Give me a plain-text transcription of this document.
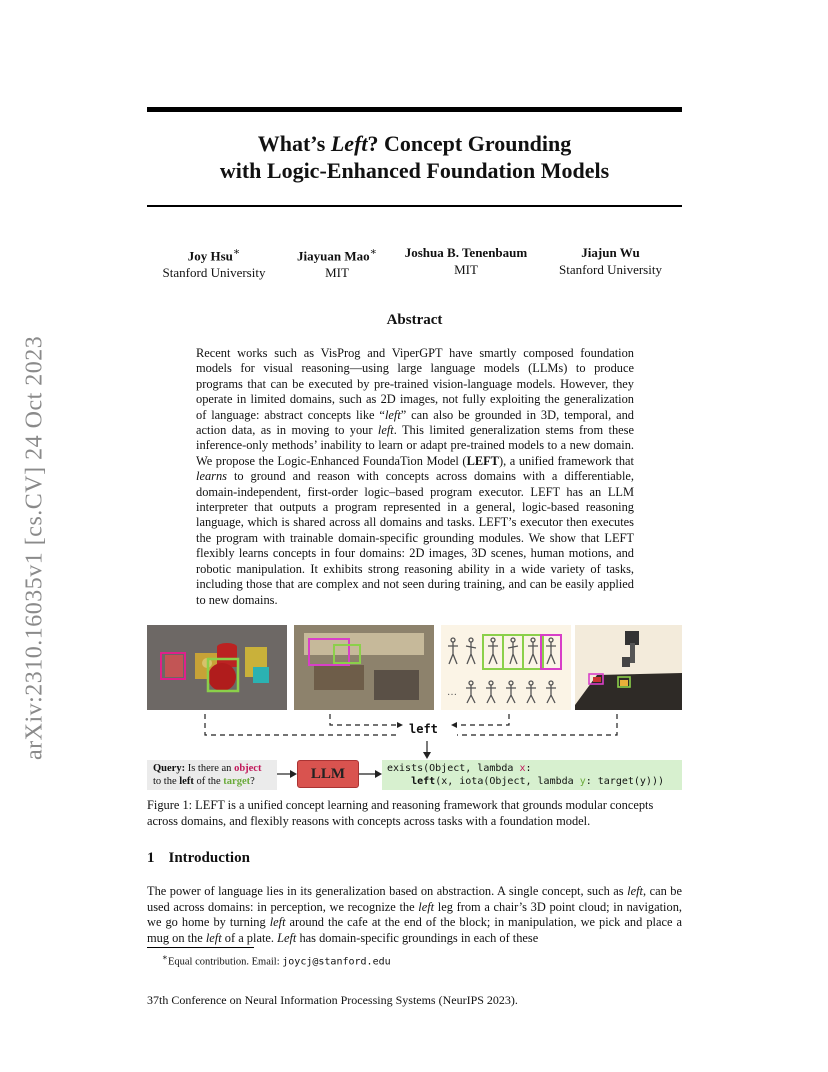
arXiv:2310.16035v1 [cs.CV] 24 Oct 2023
What’s Left? Concept Grounding
with Logic-Enhanced Foundation Models
Joy Hsu∗
Stanford University
Jiayuan Mao∗
MIT
Joshua B. Tenenbaum
MIT
Jiajun Wu
Stanford University
Abstract
Recent works such as VisProg and ViperGPT have smartly composed foundation models for visual reasoning—using large language models (LLMs) to produce programs that can be executed by pre-trained vision-language models. However, they operate in limited domains, such as 2D images, not fully exploiting the generalization of language: abstract concepts like “left” can also be grounded in 3D, temporal, and action data, as in moving to your left. This limited generalization stems from these inference-only methods’ inability to learn or adapt pre-trained models to a new domain. We propose the Logic-Enhanced FoundaTion Model (LEFT), a unified framework that learns to ground and reason with concepts across domains with a differentiable, domain-independent, first-order logic–based program executor. LEFT has an LLM interpreter that outputs a program represented in a general, logic-based reasoning language, which is shared across all domains and tasks. LEFT’s executor then executes the program with trainable domain-specific grounding modules. We show that LEFT flexibly learns concepts in four domains: 2D images, 3D scenes, human motions, and robotic manipulation. It exhibits strong reasoning ability in a wide variety of tasks, including those that are complex and not seen during training, and can be easily applied to new domains.
…
left
Query: Is there an object
to the left of the target?	LLM	exists(Object, lambda x:
left(x, iota(Object, lambda y: target(y)))
Figure 1: LEFT is a unified concept learning and reasoning framework that grounds modular concepts across domains, and flexibly reasons with concepts across tasks with a foundation model.
1 Introduction
The power of language lies in its generalization based on abstraction. A single concept, such as left, can be used across domains: in perception, we recognize the left leg from a chair’s 3D point cloud; in navigation, we go home by turning left around the cafe at the end of the block; in manipulation, we pick and place a mug on the left of a plate. Left has domain-specific groundings in each of these
∗Equal contribution. Email: joycj@stanford.edu
37th Conference on Neural Information Processing Systems (NeurIPS 2023).
